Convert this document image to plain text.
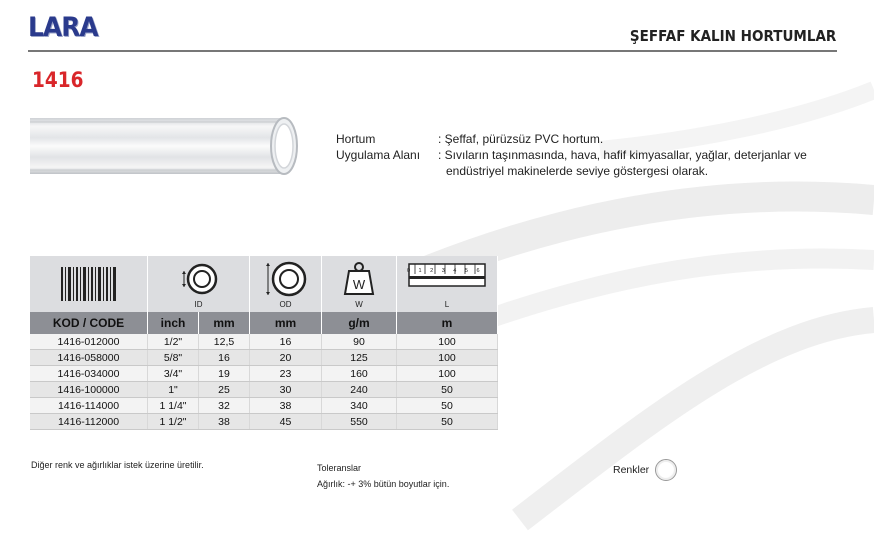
LARA	ŞEFFAF KALIN HORTUMLAR
1416
Hortum	: Şeffaf, pürüzsüz PVC hortum.
Uygulama Alanı	: Sıvıların taşınmasında, hava, hafif kimyasallar, yağlar, deterjanlar ve
endüstriyel makinelerde seviye göstergesi olarak.

ID		OD	W
W	0 1 2 3 4 5 6
L

KOD / CODE	inch	mm	mm	g/m	m
1416-012000	1/2"	12,5	16	90	100
1416-058000	5/8"	16	20	125	100
1416-034000	3/4"	19	23	160	100
1416-100000	1"	25	30	240	50
1416-114000	1 1/4"	32	38	340	50
1416-112000	1 1/2"	38	45	550	50
Diğer renk ve ağırlıklar istek üzerine üretilir.	Toleranslar
Ağırlık: -+ 3% bütün boyutlar için.
Renkler
